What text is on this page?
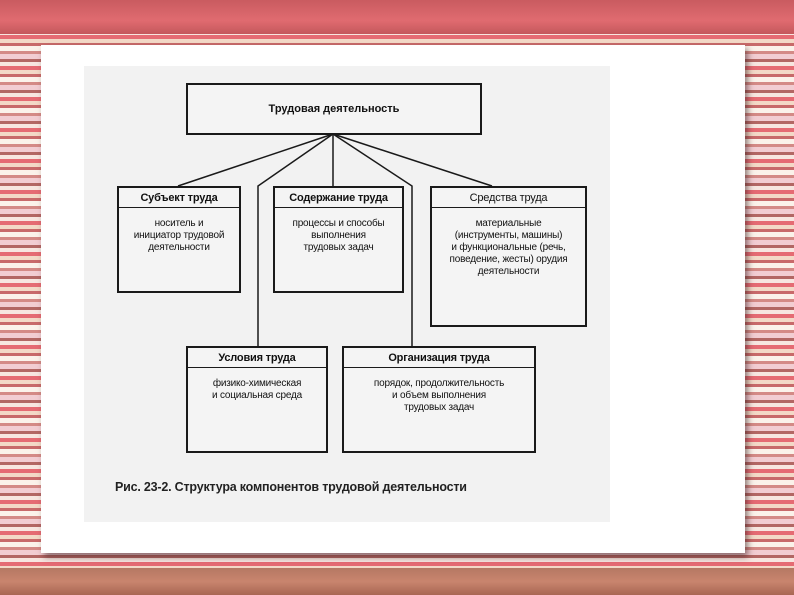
Трудовая деятельность
Субъект труда
носитель и
инициатор трудовой
деятельности
Содержание труда
процессы и способы
выполнения
трудовых задач
Средства труда
материальные
(инструменты, машины)
и функциональные (речь,
поведение, жесты) орудия
деятельности
Условия труда
физико-химическая
и социальная среда
Организация труда
порядок, продолжительность
и объем выполнения
трудовых задач
Рис. 23-2. Структура компонентов трудовой деятельности
